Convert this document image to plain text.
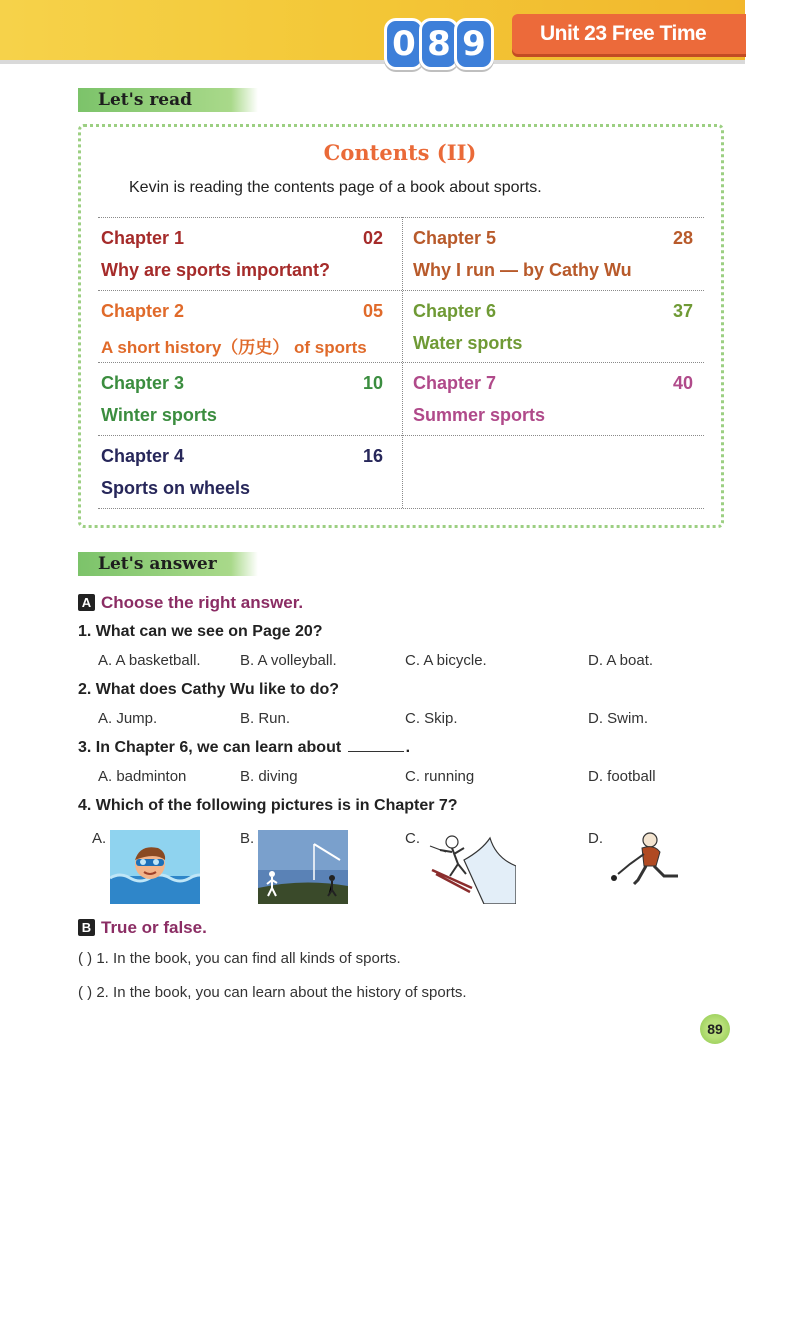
0 8 9	Unit 23 Free Time
Let's read
Contents (II)
Kevin is reading the contents page of a book about sports.
Chapter 1	02
Why are sports important?
Chapter 2	05
A short history（历史） of sports
Chapter 3	10
Winter sports
Chapter 4	16
Sports on wheels
Chapter 5	28
Why I run — by Cathy Wu
Chapter 6	37
Water sports
Chapter 7	40
Summer sports
Let's answer
A Choose the right answer.
1. What can we see on Page 20?
A. A basketball.	B. A volleyball.	C. A bicycle.	D. A boat.
2. What does Cathy Wu like to do?
A. Jump.	B. Run.	C. Skip.	D. Swim.
3. In Chapter 6, we can learn about	.
A. badminton	B. diving	C. running	D. football
4. Which of the following pictures is in Chapter 7?
A.	B.	C.	D.
B True or false.
( ) 1. In the book, you can find all kinds of sports.
( ) 2. In the book, you can learn about the history of sports.
89
